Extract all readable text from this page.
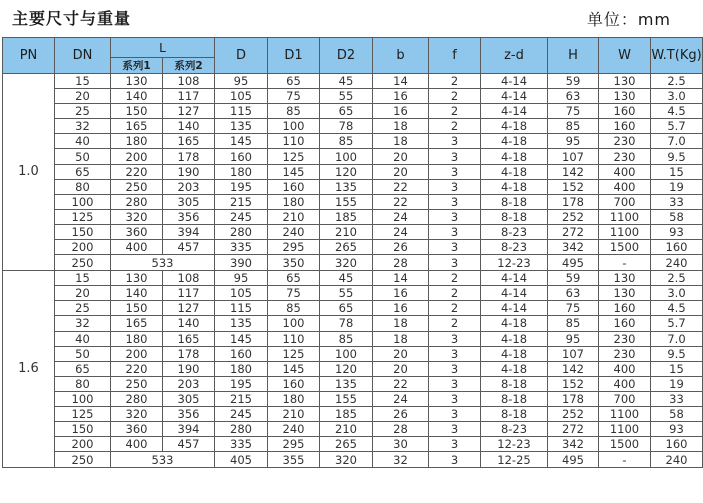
主要尺寸与重量	单位：mm
PN	DN	L		D	D1	D2	b	f	z-d	H	W	W.T(Kg)
		系列1	系列2									
1.0	15	130	108	95	65	45	14	2	4-14	59	130	2.5
	20	140	117	105	75	55	16	2	4-14	63	130	3.0
	25	150	127	115	85	65	16	2	4-14	75	160	4.5
	32	165	140	135	100	78	18	2	4-18	85	160	5.7
	40	180	165	145	110	85	18	3	4-18	95	230	7.0
	50	200	178	160	125	100	20	3	4-18	107	230	9.5
	65	220	190	180	145	120	20	3	4-18	142	400	15
	80	250	203	195	160	135	22	3	4-18	152	400	19
	100	280	305	215	180	155	22	3	8-18	178	700	33
	125	320	356	245	210	185	24	3	8-18	252	1100	58
	150	360	394	280	240	210	24	3	8-23	272	1100	93
	200	400	457	335	295	265	26	3	8-23	342	1500	160
	250	533		390	350	320	28	3	12-23	495	-	240
1.6	15	130	108	95	65	45	14	2	4-14	59	130	2.5
	20	140	117	105	75	55	16	2	4-14	63	130	3.0
	25	150	127	115	85	65	16	2	4-14	75	160	4.5
	32	165	140	135	100	78	18	2	4-18	85	160	5.7
	40	180	165	145	110	85	18	3	4-18	95	230	7.0
	50	200	178	160	125	100	20	3	4-18	107	230	9.5
	65	220	190	180	145	120	20	3	4-18	142	400	15
	80	250	203	195	160	135	22	3	8-18	152	400	19
	100	280	305	215	180	155	24	3	8-18	178	700	33
	125	320	356	245	210	185	26	3	8-18	252	1100	58
	150	360	394	280	240	210	28	3	8-23	272	1100	93
	200	400	457	335	295	265	30	3	12-23	342	1500	160
	250	533		405	355	320	32	3	12-25	495	-	240
